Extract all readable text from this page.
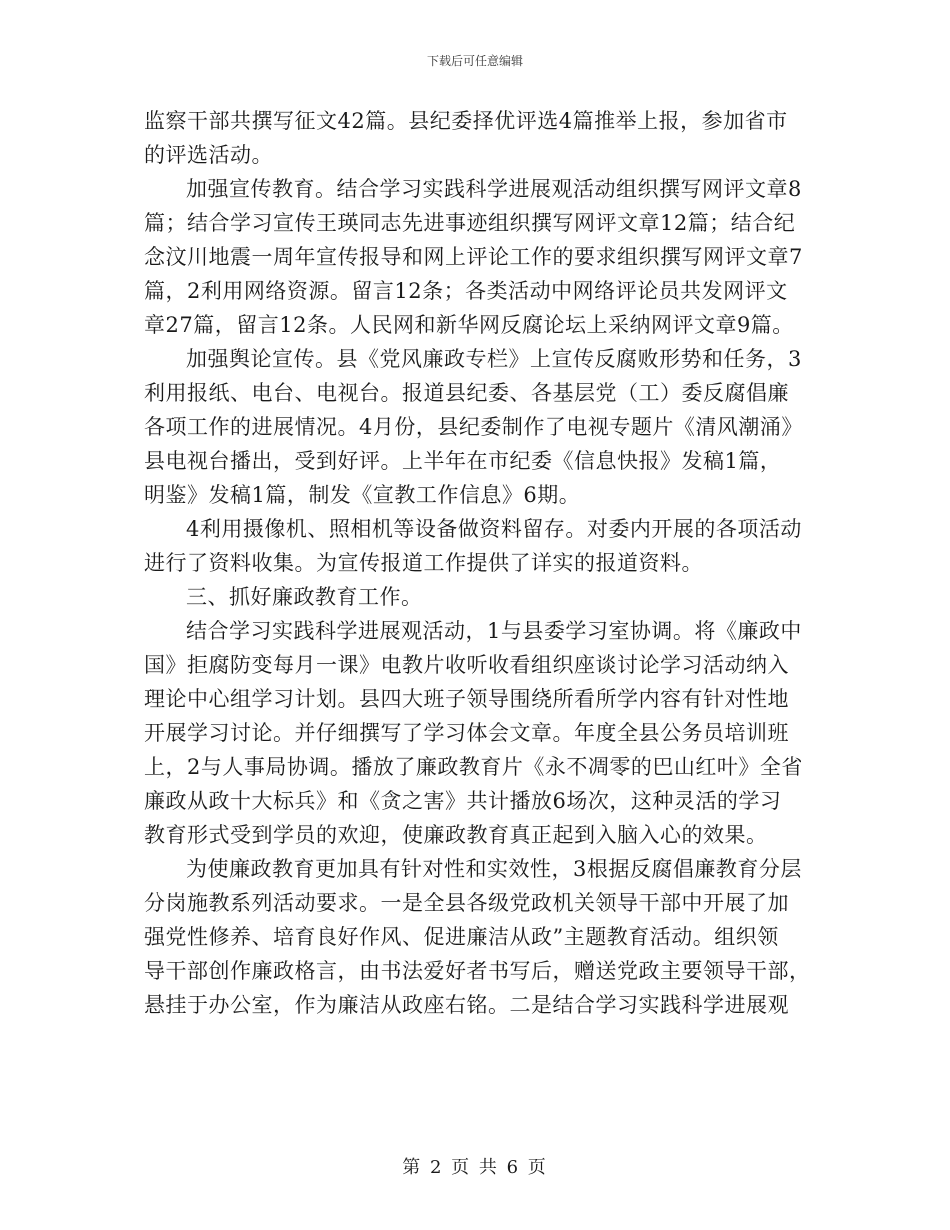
下载后可任意编辑
监察干部共撰写征文42篇。县纪委择优评选4篇推举上报，参加省市
的评选活动。
加强宣传教育。结合学习实践科学进展观活动组织撰写网评文章8
篇；结合学习宣传王瑛同志先进事迹组织撰写网评文章12篇；结合纪
念汶川地震一周年宣传报导和网上评论工作的要求组织撰写网评文章7
篇，2利用网络资源。留言12条；各类活动中网络评论员共发网评文
章27篇，留言12条。人民网和新华网反腐论坛上采纳网评文章9篇。
加强舆论宣传。县《党风廉政专栏》上宣传反腐败形势和任务，3
利用报纸、电台、电视台。报道县纪委、各基层党（工）委反腐倡廉
各项工作的进展情况。4月份，县纪委制作了电视专题片《清风潮涌》
县电视台播出，受到好评。上半年在市纪委《信息快报》发稿1篇，
明鉴》发稿1篇，制发《宣教工作信息》6期。
4利用摄像机、照相机等设备做资料留存。对委内开展的各项活动
进行了资料收集。为宣传报道工作提供了详实的报道资料。
三、抓好廉政教育工作。
结合学习实践科学进展观活动，1与县委学习室协调。将《廉政中
国》拒腐防变每月一课》电教片收听收看组织座谈讨论学习活动纳入
理论中心组学习计划。县四大班子领导围绕所看所学内容有针对性地
开展学习讨论。并仔细撰写了学习体会文章。年度全县公务员培训班
上，2与人事局协调。播放了廉政教育片《永不凋零的巴山红叶》全省
廉政从政十大标兵》和《贪之害》共计播放6场次，这种灵活的学习
教育形式受到学员的欢迎，使廉政教育真正起到入脑入心的效果。
为使廉政教育更加具有针对性和实效性，3根据反腐倡廉教育分层
分岗施教系列活动要求。一是全县各级党政机关领导干部中开展了加
强党性修养、培育良好作风、促进廉洁从政”主题教育活动。组织领
导干部创作廉政格言，由书法爱好者书写后，赠送党政主要领导干部，
悬挂于办公室，作为廉洁从政座右铭。二是结合学习实践科学进展观
第 2 页 共 6 页
